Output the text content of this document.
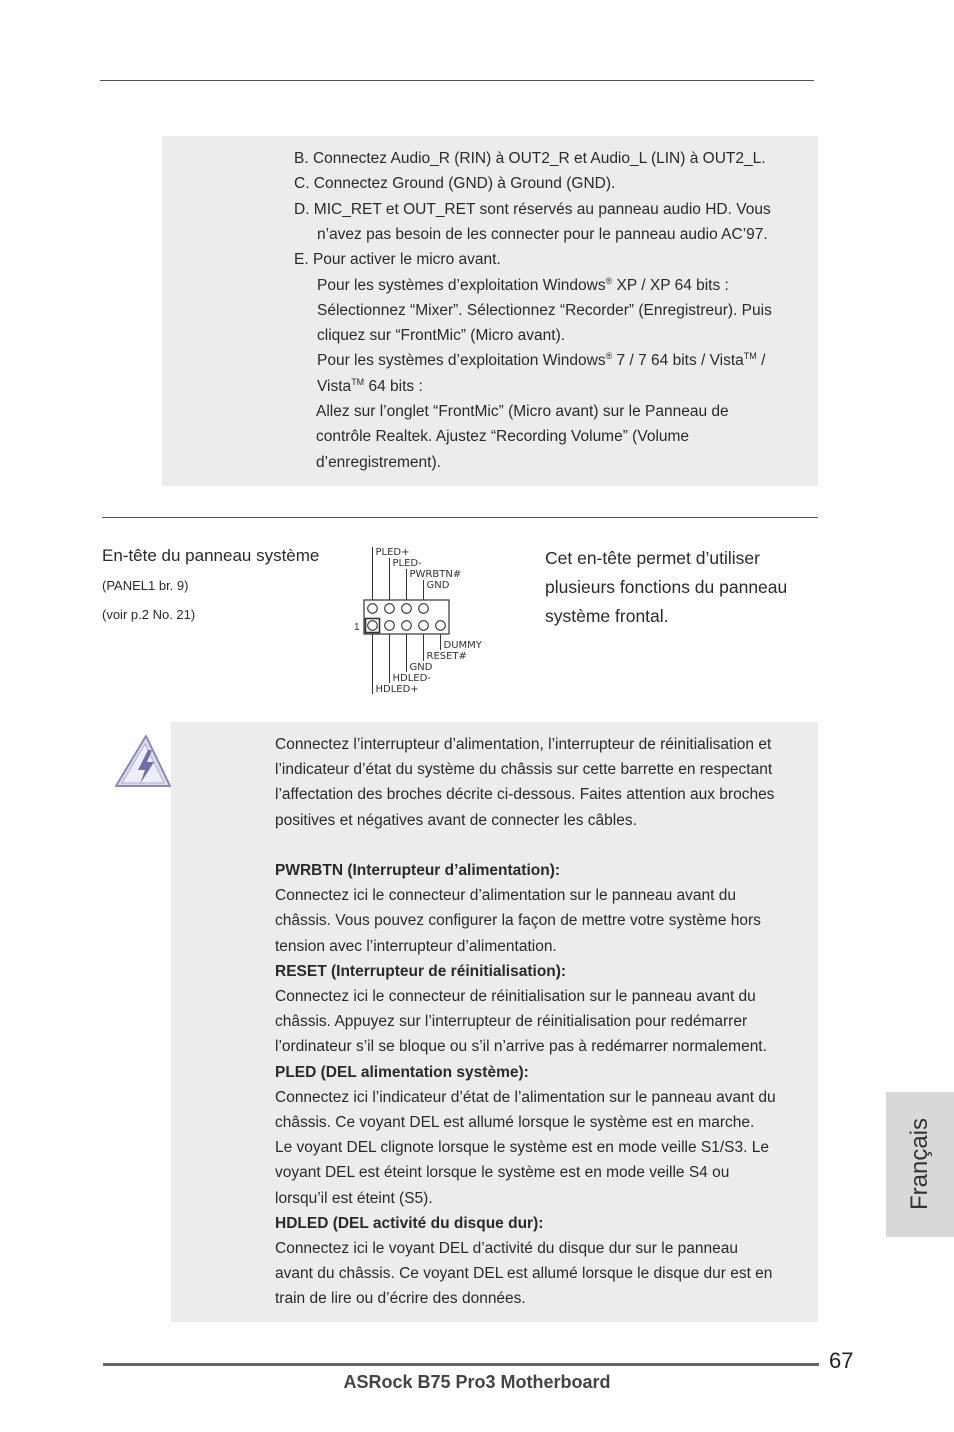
B. Connectez Audio_R (RIN) à OUT2_R et Audio_L (LIN) à OUT2_L.
C. Connectez Ground (GND) à Ground (GND).
D. MIC_RET et OUT_RET sont réservés au panneau audio HD. Vous
n’avez pas besoin de les connecter pour le panneau audio AC’97.
E. Pour activer le micro avant.
Pour les systèmes d’exploitation Windows® XP / XP 64 bits :
Sélectionnez “Mixer”. Sélectionnez “Recorder” (Enregistreur). Puis
cliquez sur “FrontMic” (Micro avant).
Pour les systèmes d’exploitation Windows® 7 / 7 64 bits / Vista™ /
Vista™ 64 bits :
Allez sur l’onglet “FrontMic” (Micro avant) sur le Panneau de
contrôle Realtek. Ajustez “Recording Volume” (Volume
d’enregistrement).
En-tête du panneau système
(PANEL1 br. 9)
(voir p.2 No. 21)
Cet en-tête permet d’utiliser
plusieurs fonctions du panneau
système frontal.
1
PLED+
PLED-
PWRBTN#
GND
DUMMY
RESET#
GND
HDLED-
HDLED+
Connectez l’interrupteur d’alimentation, l’interrupteur de réinitialisation et
l’indicateur d’état du système du châssis sur cette barrette en respectant
l’affectation des broches décrite ci-dessous. Faites attention aux broches
positives et négatives avant de connecter les câbles.
PWRBTN (Interrupteur d’alimentation):
Connectez ici le connecteur d’alimentation sur le panneau avant du
châssis. Vous pouvez configurer la façon de mettre votre système hors
tension avec l’interrupteur d’alimentation.
RESET (Interrupteur de réinitialisation):
Connectez ici le connecteur de réinitialisation sur le panneau avant du
châssis. Appuyez sur l’interrupteur de réinitialisation pour redémarrer
l’ordinateur s’il se bloque ou s’il n’arrive pas à redémarrer normalement.
PLED (DEL alimentation système):
Connectez ici l’indicateur d’état de l’alimentation sur le panneau avant du
châssis. Ce voyant DEL est allumé lorsque le système est en marche.
Le voyant DEL clignote lorsque le système est en mode veille S1/S3. Le
voyant DEL est éteint lorsque le système est en mode veille S4 ou
lorsqu’il est éteint (S5).
HDLED (DEL activité du disque dur):
Connectez ici le voyant DEL d’activité du disque dur sur le panneau
avant du châssis. Ce voyant DEL est allumé lorsque le disque dur est en
train de lire ou d’écrire des données.
Français
67
ASRock B75 Pro3 Motherboard
